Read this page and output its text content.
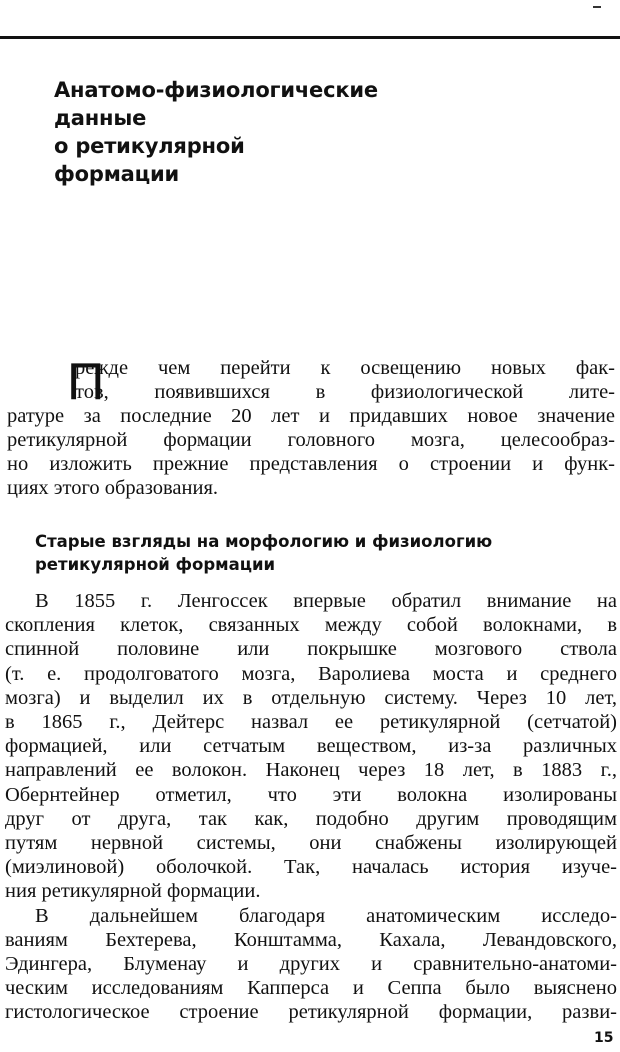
Анатомо-физиологические
данные
о ретикулярной
формации
П
режде чем перейти к освещению новых фак-
тов, появившихся в физиологической лите-
ратуре за последние 20 лет и придавших новое значение
ретикулярной формации головного мозга, целесообраз-
но изложить прежние представления о строении и функ-
циях этого образования.
Старые взгляды на морфологию и физиологию
ретикулярной формации
В 1855 г. Ленгоссек впервые обратил внимание на
скопления клеток, связанных между собой волокнами, в
спинной половине или покрышке мозгового ствола
(т. е. продолговатого мозга, Варолиева моста и среднего
мозга) и выделил их в отдельную систему. Через 10 лет,
в 1865 г., Дейтерс назвал ее ретикулярной (сетчатой)
формацией, или сетчатым веществом, из-за различных
направлений ее волокон. Наконец через 18 лет, в 1883 г.,
Обернтейнер отметил, что эти волокна изолированы
друг от друга, так как, подобно другим проводящим
путям нервной системы, они снабжены изолирующей
(миэлиновой) оболочкой. Так, началась история изуче-
ния ретикулярной формации.
В дальнейшем благодаря анатомическим исследо-
ваниям Бехтерева, Конштамма, Кахала, Левандовского,
Эдингера, Блуменау и других и сравнительно-анатоми-
ческим исследованиям Капперса и Сеппа было выяснено
гистологическое строение ретикулярной формации, разви-
15
